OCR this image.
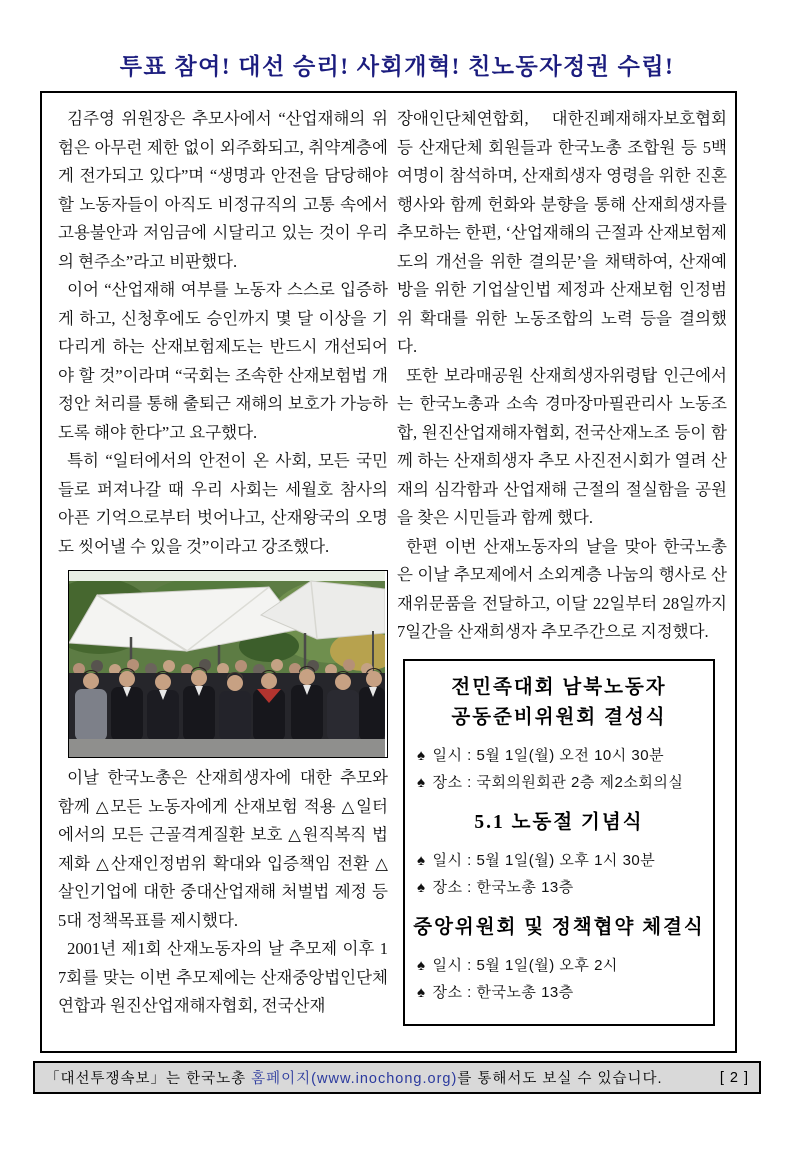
투표 참여! 대선 승리! 사회개혁! 친노동자정권 수립!

김주영 위원장은 추모사에서 “산업재해의 위험은 아무런 제한 없이 외주화되고, 취약계층에게 전가되고 있다”며 “생명과 안전을 담당해야 할 노동자들이 아직도 비정규직의 고통 속에서 고용불안과 저임금에 시달리고 있는 것이 우리의 현주소”라고 비판했다.

이어 “산업재해 여부를 노동자 스스로 입증하게 하고, 신청후에도 승인까지 몇 달 이상을 기다리게 하는 산재보험제도는 반드시 개선되어야 할 것”이라며 “국회는 조속한 산재보험법 개정안 처리를 통해 출퇴근 재해의 보호가 가능하도록 해야 한다”고 요구했다.

특히 “일터에서의 안전이 온 사회, 모든 국민들로 퍼져나갈 때 우리 사회는 세월호 참사의 아픈 기억으로부터 벗어나고, 산재왕국의 오명도 씻어낼 수 있을 것”이라고 강조했다.

이날 한국노총은 산재희생자에 대한 추모와 함께 △모든 노동자에게 산재보험 적용 △일터에서의 모든 근골격계질환 보호 △원직복직 법제화 △산재인정범위 확대와 입증책임 전환 △살인기업에 대한 중대산업재해 처벌법 제정 등 5대 정책목표를 제시했다.

2001년 제1회 산재노동자의 날 추모제 이후 17회를 맞는 이번 추모제에는 산재중앙법인단체연합과 원진산업재해자협회, 전국산재

장애인단체연합회, 대한진폐재해자보호협회 등 산재단체 회원들과 한국노총 조합원 등 5백여명이 참석하며, 산재희생자 영령을 위한 진혼행사와 함께 헌화와 분향을 통해 산재희생자를 추모하는 한편, ‘산업재해의 근절과 산재보험제도의 개선을 위한 결의문’을 채택하여, 산재예방을 위한 기업살인법 제정과 산재보험 인정범위 확대를 위한 노동조합의 노력 등을 결의했다.

또한 보라매공원 산재희생자위령탑 인근에서는 한국노총과 소속 경마장마필관리사 노동조합, 원진산업재해자협회, 전국산재노조 등이 함께 하는 산재희생자 추모 사진전시회가 열려 산재의 심각함과 산업재해 근절의 절실함을 공원을 찾은 시민들과 함께 했다.

한편 이번 산재노동자의 날을 맞아 한국노총은 이날 추모제에서 소외계층 나눔의 행사로 산재위문품을 전달하고, 이달 22일부터 28일까지 7일간을 산재희생자 추모주간으로 지정했다.

전민족대회 남북노동자
공동준비위원회 결성식
♠ 일시 : 5월 1일(월) 오전 10시 30분
♠ 장소 : 국회의원회관 2층 제2소회의실
5.1 노동절 기념식
♠ 일시 : 5월 1일(월) 오후 1시 30분
♠ 장소 : 한국노총 13층
중앙위원회 및 정책협약 체결식
♠ 일시 : 5월 1일(월) 오후 2시
♠ 장소 : 한국노총 13층
「대선투쟁속보」는 한국노총 홈페이지(www.inochong.org)를 통해서도 보실 수 있습니다.	[ 2 ]
